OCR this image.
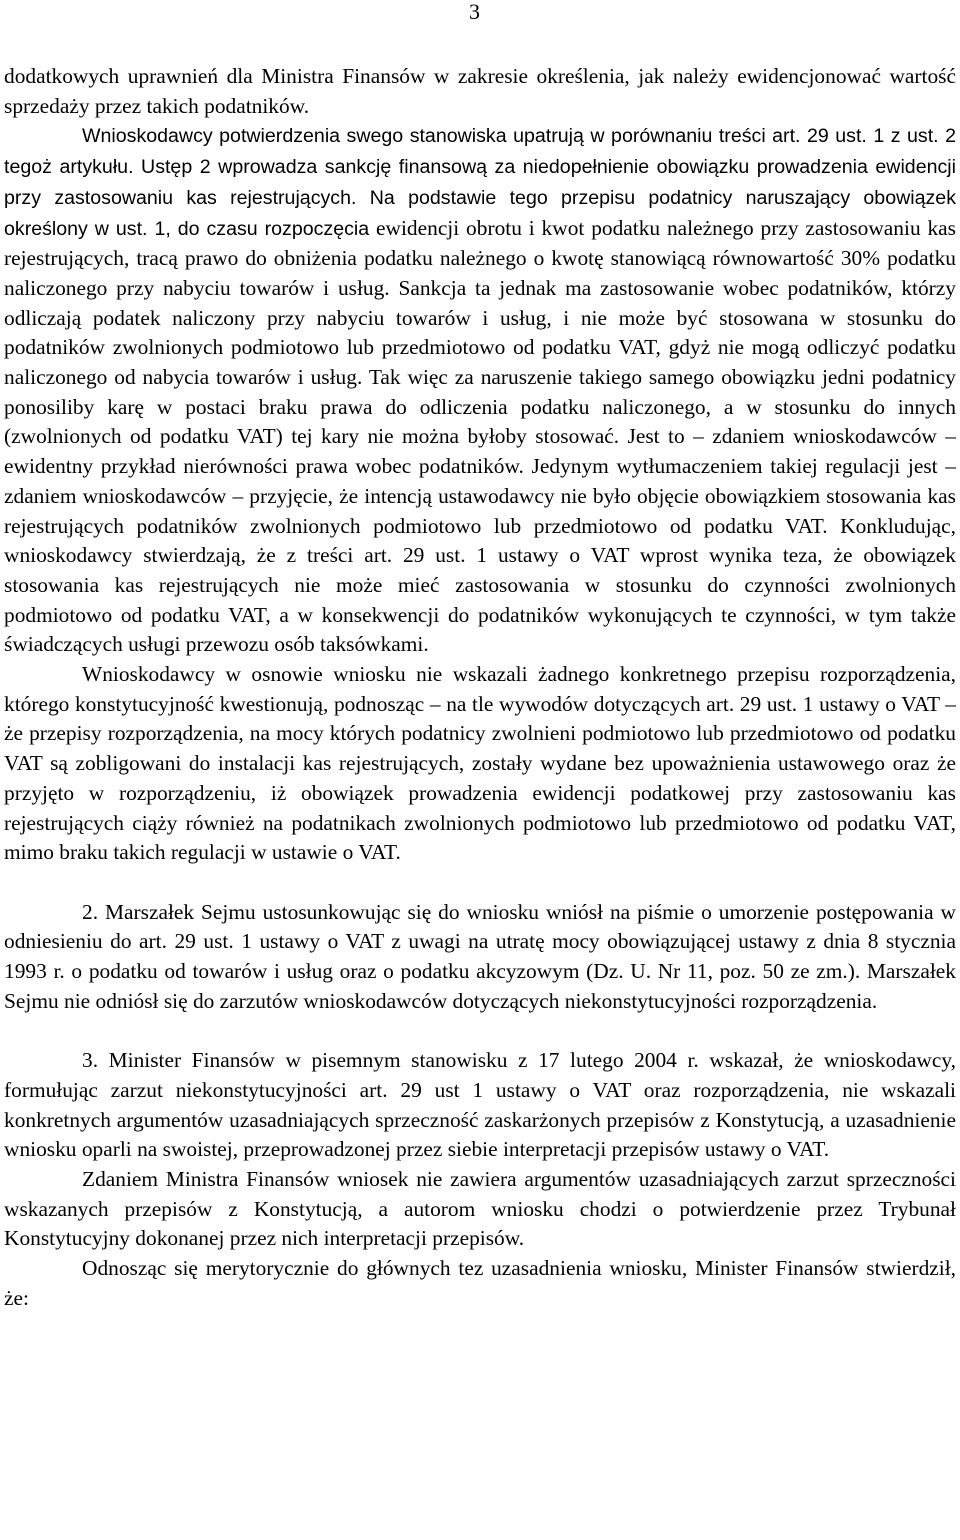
3

dodatkowych uprawnień dla Ministra Finansów w zakresie określenia, jak należy ewidencjonować wartość sprzedaży przez takich podatników.

Wnioskodawcy potwierdzenia swego stanowiska upatrują w porównaniu treści art. 29 ust. 1 z ust. 2 tegoż artykułu. Ustęp 2 wprowadza sankcję finansową za niedopełnienie obowiązku prowadzenia ewidencji przy zastosowaniu kas rejestrujących. Na podstawie tego przepisu podatnicy naruszający obowiązek określony w ust. 1, do czasu rozpoczęcia ewidencji obrotu i kwot podatku należnego przy zastosowaniu kas rejestrujących, tracą prawo do obniżenia podatku należnego o kwotę stanowiącą równowartość 30% podatku naliczonego przy nabyciu towarów i usług. Sankcja ta jednak ma zastosowanie wobec podatników, którzy odliczają podatek naliczony przy nabyciu towarów i usług, i nie może być stosowana w stosunku do podatników zwolnionych podmiotowo lub przedmiotowo od podatku VAT, gdyż nie mogą odliczyć podatku naliczonego od nabycia towarów i usług. Tak więc za naruszenie takiego samego obowiązku jedni podatnicy ponosiliby karę w postaci braku prawa do odliczenia podatku naliczonego, a w stosunku do innych (zwolnionych od podatku VAT) tej kary nie można byłoby stosować. Jest to – zdaniem wnioskodawców – ewidentny przykład nierówności prawa wobec podatników. Jedynym wytłumaczeniem takiej regulacji jest – zdaniem wnioskodawców – przyjęcie, że intencją ustawodawcy nie było objęcie obowiązkiem stosowania kas rejestrujących podatników zwolnionych podmiotowo lub przedmiotowo od podatku VAT. Konkludując, wnioskodawcy stwierdzają, że z treści art. 29 ust. 1 ustawy o VAT wprost wynika teza, że obowiązek stosowania kas rejestrujących nie może mieć zastosowania w stosunku do czynności zwolnionych podmiotowo od podatku VAT, a w konsekwencji do podatników wykonujących te czynności, w tym także świadczących usługi przewozu osób taksówkami.

Wnioskodawcy w osnowie wniosku nie wskazali żadnego konkretnego przepisu rozporządzenia, którego konstytucyjność kwestionują, podnosząc – na tle wywodów dotyczących art. 29 ust. 1 ustawy o VAT – że przepisy rozporządzenia, na mocy których podatnicy zwolnieni podmiotowo lub przedmiotowo od podatku VAT są zobligowani do instalacji kas rejestrujących, zostały wydane bez upoważnienia ustawowego oraz że przyjęto w rozporządzeniu, iż obowiązek prowadzenia ewidencji podatkowej przy zastosowaniu kas rejestrujących ciąży również na podatnikach zwolnionych podmiotowo lub przedmiotowo od podatku VAT, mimo braku takich regulacji w ustawie o VAT.

2. Marszałek Sejmu ustosunkowując się do wniosku wniósł na piśmie o umorzenie postępowania w odniesieniu do art. 29 ust. 1 ustawy o VAT z uwagi na utratę mocy obowiązującej ustawy z dnia 8 stycznia 1993 r. o podatku od towarów i usług oraz o podatku akcyzowym (Dz. U. Nr 11, poz. 50 ze zm.). Marszałek Sejmu nie odniósł się do zarzutów wnioskodawców dotyczących niekonstytucyjności rozporządzenia.

3. Minister Finansów w pisemnym stanowisku z 17 lutego 2004 r. wskazał, że wnioskodawcy, formułując zarzut niekonstytucyjności art. 29 ust 1 ustawy o VAT oraz rozporządzenia, nie wskazali konkretnych argumentów uzasadniających sprzeczność zaskarżonych przepisów z Konstytucją, a uzasadnienie wniosku oparli na swoistej, przeprowadzonej przez siebie interpretacji przepisów ustawy o VAT.

Zdaniem Ministra Finansów wniosek nie zawiera argumentów uzasadniających zarzut sprzeczności wskazanych przepisów z Konstytucją, a autorom wniosku chodzi o potwierdzenie przez Trybunał Konstytucyjny dokonanej przez nich interpretacji przepisów.

Odnosząc się merytorycznie do głównych tez uzasadnienia wniosku, Minister Finansów stwierdził, że:
